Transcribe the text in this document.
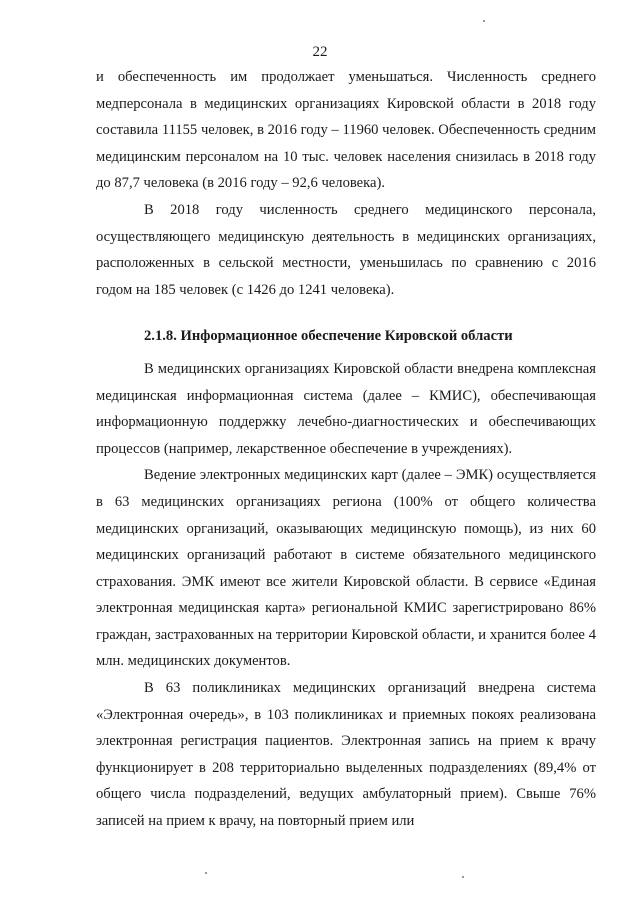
22

и обеспеченность им продолжает уменьшаться. Численность среднего медперсонала в медицинских организациях Кировской области в 2018 году составила 11155 человек, в 2016 году – 11960 человек. Обеспеченность средним медицинским персоналом на 10 тыс. человек населения снизилась в 2018 году до 87,7 человека (в 2016 году – 92,6 человека).

В 2018 году численность среднего медицинского персонала, осуществляющего медицинскую деятельность в медицинских организациях, расположенных в сельской местности, уменьшилась по сравнению с 2016 годом на 185 человек (с 1426 до 1241 человека).

2.1.8. Информационное обеспечение Кировской области

В медицинских организациях Кировской области внедрена комплексная медицинская информационная система (далее – КМИС), обеспечивающая информационную поддержку лечебно-диагностических и обеспечивающих процессов (например, лекарственное обеспечение в учреждениях).

Ведение электронных медицинских карт (далее – ЭМК) осуществляется в 63 медицинских организациях региона (100% от общего количества медицинских организаций, оказывающих медицинскую помощь), из них 60 медицинских организаций работают в системе обязательного медицинского страхования. ЭМК имеют все жители Кировской области. В сервисе «Единая электронная медицинская карта» региональной КМИС зарегистрировано 86% граждан, застрахованных на территории Кировской области, и хранится более 4 млн. медицинских документов.

В 63 поликлиниках медицинских организаций внедрена система «Электронная очередь», в 103 поликлиниках и приемных покоях реализована электронная регистрация пациентов. Электронная запись на прием к врачу функционирует в 208 территориально выделенных подразделениях (89,4% от общего числа подразделений, ведущих амбулаторный прием). Свыше 76% записей на прием к врачу, на повторный прием или
